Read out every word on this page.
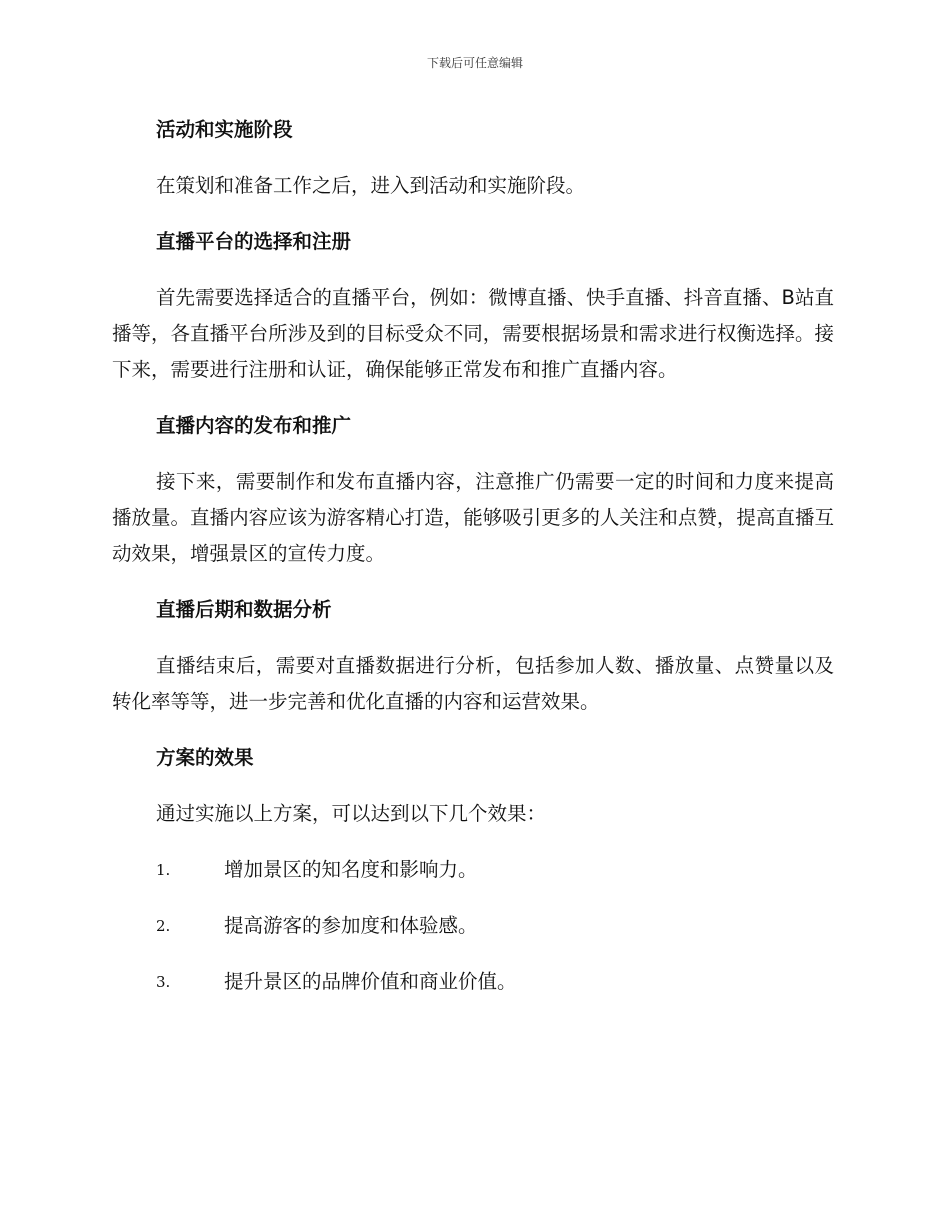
下载后可任意编辑
活动和实施阶段

在策划和准备工作之后，进入到活动和实施阶段。

直播平台的选择和注册

首先需要选择适合的直播平台，例如：微博直播、快手直播、抖音直播、B站直播等，各直播平台所涉及到的目标受众不同，需要根据场景和需求进行权衡选择。接下来，需要进行注册和认证，确保能够正常发布和推广直播内容。

直播内容的发布和推广

接下来，需要制作和发布直播内容，注意推广仍需要一定的时间和力度来提高播放量。直播内容应该为游客精心打造，能够吸引更多的人关注和点赞，提高直播互动效果，增强景区的宣传力度。

直播后期和数据分析

直播结束后，需要对直播数据进行分析，包括参加人数、播放量、点赞量以及转化率等等，进一步完善和优化直播的内容和运营效果。

方案的效果

通过实施以上方案，可以达到以下几个效果：

1.	增加景区的知名度和影响力。
2.	提高游客的参加度和体验感。
3.	提升景区的品牌价值和商业价值。
